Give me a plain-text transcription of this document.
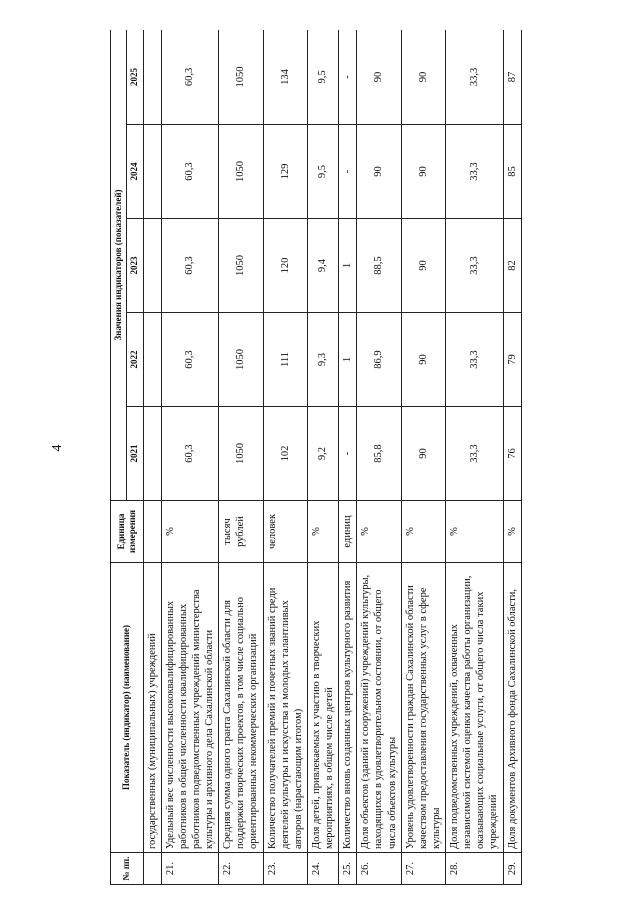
4
№ пп.	Показатель (индикатор) (наименование)	Единица измерения	Значения индикаторов (показателей)				
			2021	2022	2023	2024	2025
	государственных (муниципальных) учреждений						
21.	Удельный вес численности высококвалифицированных работников в общей численности квалифицированных работников подведомственных учреждений министерства культуры и архивного дела Сахалинской области	%	60,3	60,3	60,3	60,3	60,3
22.	Средняя сумма одного гранта Сахалинской области для поддержки творческих проектов, в том числе социально ориентированных некоммерческих организаций	тысяч рублей	1050	1050	1050	1050	1050
23.	Количество получателей премий и почетных званий среди деятелей культуры и искусства и молодых талантливых авторов (нарастающим итогом)	человек	102	111	120	129	134
24.	Доля детей, привлекаемых к участию в творческих мероприятиях, в общем числе детей	%	9,2	9,3	9,4	9,5	9,5
25.	Количество вновь созданных центров культурного развития	единиц	-	1	1	-	-
26.	Доля объектов (зданий и сооружений) учреждений культуры, находящихся в удовлетворительном состоянии, от общего числа объектов культуры	%	85,8	86,9	88,5	90	90
27.	Уровень удовлетворенности граждан Сахалинской области качеством предоставления государственных услуг в сфере культуры	%	90	90	90	90	90
28.	Доля подведомственных учреждений, охваченных независимой системой оценки качества работы организации, оказывающих социальные услуги, от общего числа таких учреждений	%	33,3	33,3	33,3	33,3	33,3
29.	Доля документов Архивного фонда Сахалинской области,	%	76	79	82	85	87
